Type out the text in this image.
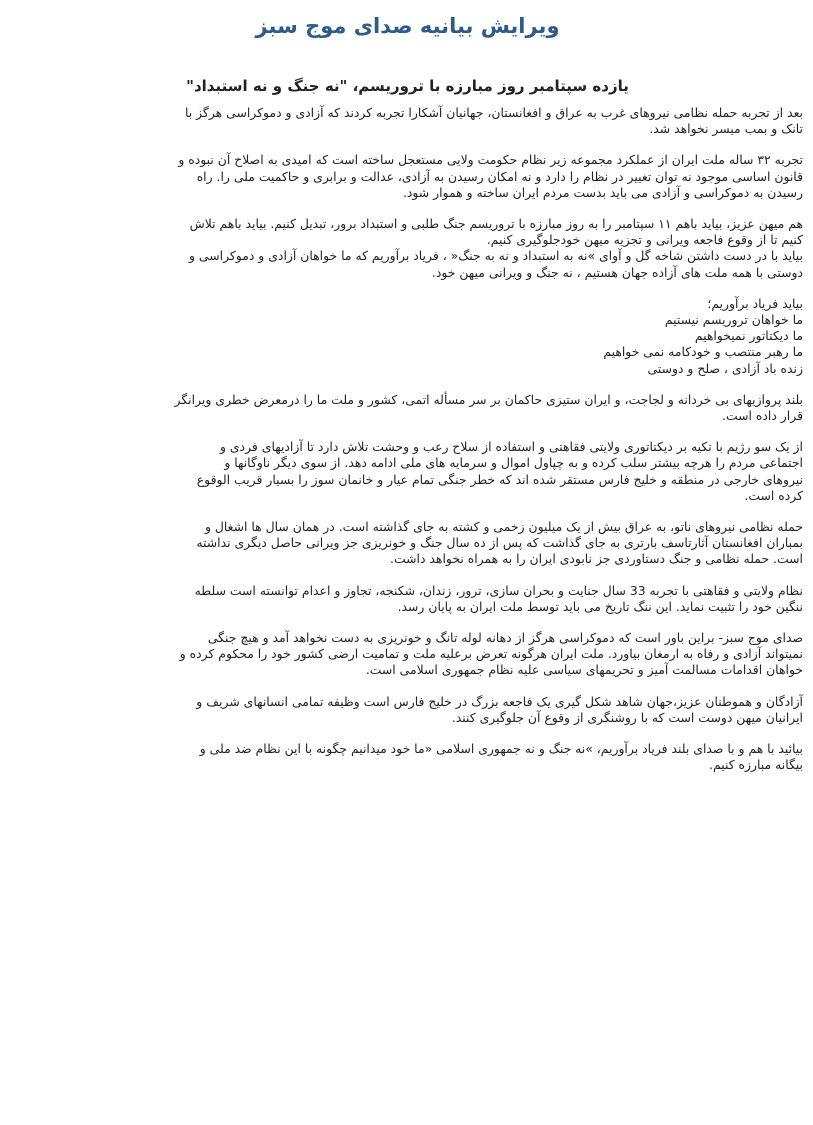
ویرایش بیانیه صدای موج سبز
یازده سپتامبر روز مبارزه با تروریسم، "نه جنگ و نه استبداد"
بعد از تجربه حمله نظامی نیروهای غرب به عراق و افغانستان، جهانیان آشکارا تجربه کردند که آزادی و دموکراسی هرگز با
تانک و بمب میسر نخواهد شد.
تجربه ۳۲ ساله ملت ایران از عملکرد مجموعه زیر نظام حکومت ولایی مستعجل ساخته است که امیدی به اصلاح آن نبوده و
قانون اساسی موجود نه توان تغییر در نظام را دارد و نه امکان رسیدن به آزادی، عدالت و برابری و حاکمیت ملی را. راه
رسیدن به دموکراسی و آزادی می باید بدست مردم ایران ساخته و هموار شود.
هم میهن عزیز، بیاید باهم ۱۱ سپتامبر را به روز مبارزه با تروریسم جنگ طلبی و استبداد برور، تبدیل کنیم. بیاید باهم تلاش
کنیم تا از وقوع فاجعه ویرانی و تجزیه میهن خودجلوگیری کنیم.
بیاید با در دست داشتن شاخه گل و آوای »نه به استبداد و نه به جنگ« ، فریاد برآوریم که ما خواهان آزادی و دموکراسی و
دوستی با همه ملت های آزاده جهان هستیم ، نه جنگ و ویرانی میهن خود.
بیاید فریاد برآوریم؛
ما خواهان تروریسم نیستیم
ما دیکتاتور نمیخواهیم
ما رهبر منتصب و خودکامه نمی خواهیم
زنده باد آزادی ، صلح و دوستی
بلند پروازیهای بی خردانه و لجاجت، و ایران ستیزی حاکمان بر سر مسأله اتمی، کشور و ملت ما را درمعرض خطری ویرانگر
قرار داده است.
از یک سو رژیم با تکیه بر دیکتاتوری ولایتی فقاهتی و استفاده از سلاح رعب و وحشت تلاش دارد تا آزادیهای فردی و
اجتماعی مردم را هرچه بیشتر سلب کرده و به چپاول اموال و سرمایه های ملی ادامه دهد. از سوی دیگر ناوگانها و
نیروهای خارجی در منطقه و خلیج فارس مستقر شده اند که خطر جنگی تمام عیار و خانمان سوز را بسیار قریب الوقوع
کرده است.
حمله نظامی نیروهای ناتو، به عراق بیش از یک میلیون زخمی و کشته به جای گذاشته است. در همان سال ها اشغال و
بمباران افغانستان آثارتاسف بارتری به جای گذاشت که پس از ده سال جنگ و خونریزی جز ویرانی حاصل دیگری نداشته
است. حمله نظامی و جنگ دستاوردی جز نابودی ایران را به همراه نخواهد داشت.
نظام ولایتی و فقاهتی با تجربه 33 سال جنایت و بحران سازی، ترور، زندان، شکنجه، تجاوز و اعدام توانسته است سلطه
ننگین خود را تثبیت نماید. این ننگ تاریخ می باید توسط ملت ایران به پایان رسد.
صدای موج سبز- براین باور است که دموکراسی هرگز از دهانه لوله تانگ و خونریزی به دست نخواهد آمد و هیچ جنگی
نمیتواند آزادی و رفاه به ارمغان بیاورد. ملت ایران هرگونه تعرض برعلیه ملت و تمامیت ارضی کشور خود را محکوم کرده و
خواهان اقدامات مسالمت آمیز و تحریمهای سیاسی علیه نظام جمهوری اسلامی است.
آزادگان و هموطنان عزیز،جهان شاهد شکل گیری یک فاجعه بزرگ در خلیج فارس است وظیفه تمامی انسانهای شریف و
ایرانیان میهن دوست است که با روشنگری از وقوع آن جلوگیری کنند.
بیائید با هم و با صدای بلند فریاد برآوریم، »نه جنگ و نه جمهوری اسلامی «ما خود میدانیم چگونه با این نظام ضد ملی و
بیگانه مبارزه کنیم.
